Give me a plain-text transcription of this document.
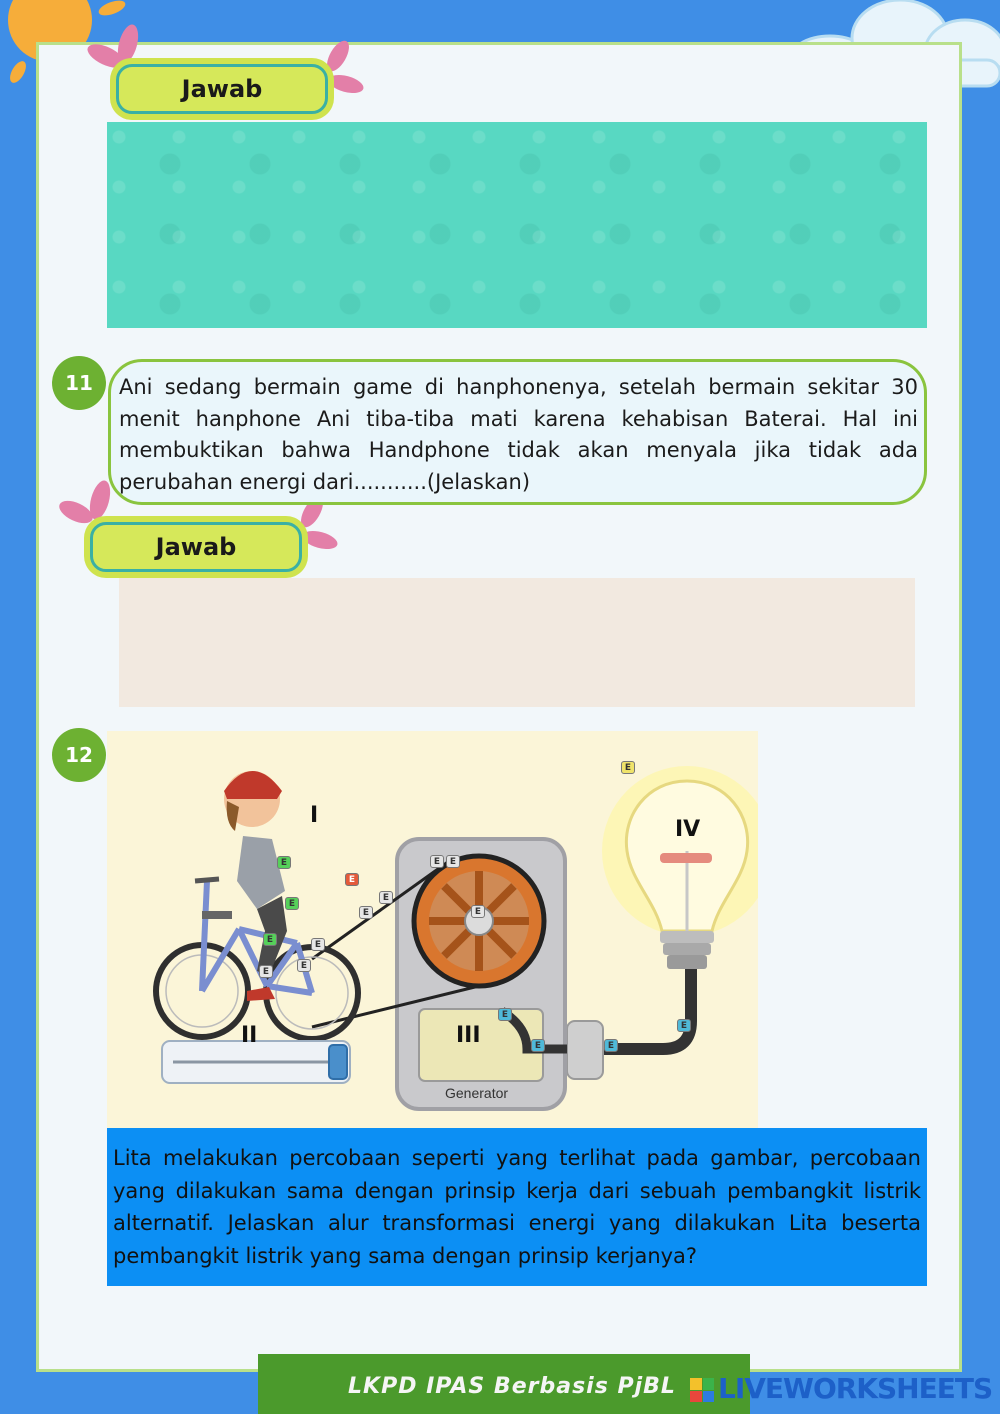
Jawab
11	Ani sedang bermain game di hanphonenya, setelah bermain sekitar 30 menit hanphone Ani tiba-tiba mati karena kehabisan Baterai. Hal ini membuktikan bahwa Handphone tidak akan menyala jika tidak ada perubahan energi dari...........(Jelaskan)

Jawab
12
E
E
E
E
E
E
E
E
E
E
E	E
E
E
E	E
E
I
II	III
IV
Generator

Lita melakukan percobaan seperti yang terlihat pada gambar, percobaan yang dilakukan sama dengan prinsip kerja dari sebuah pembangkit listrik alternatif. Jelaskan alur transformasi energi yang dilakukan Lita beserta pembangkit listrik yang sama dengan prinsip kerjanya?

LKPD IPAS Berbasis PjBL LIVEWORKSHEETS
